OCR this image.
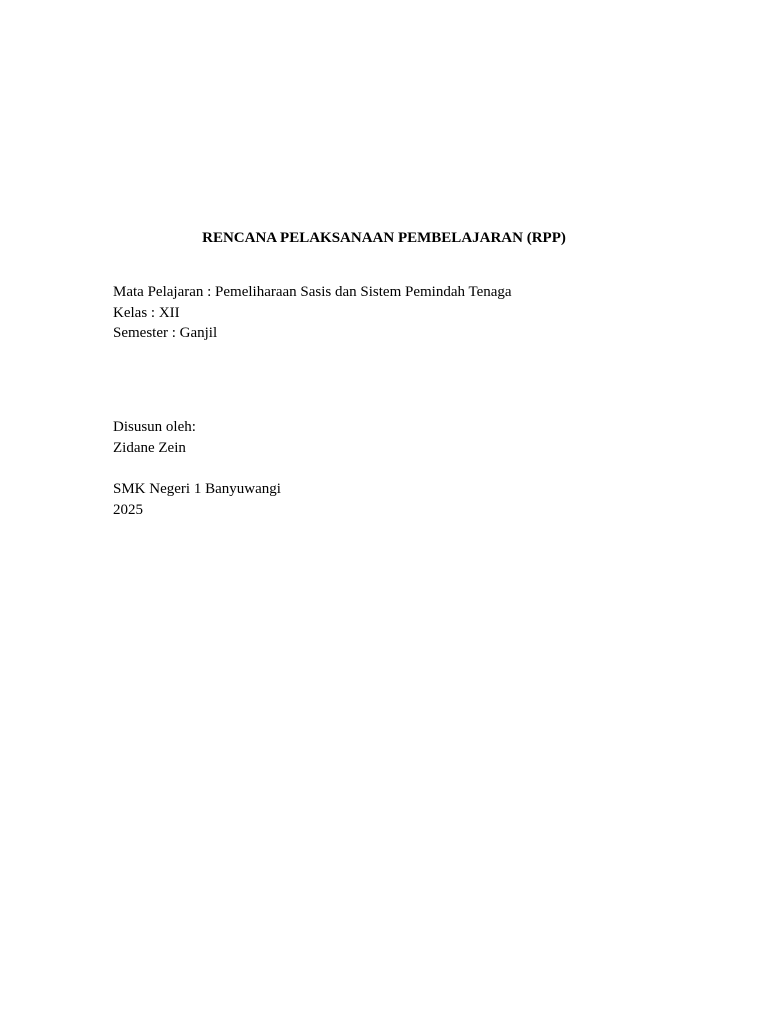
RENCANA PELAKSANAAN PEMBELAJARAN (RPP)
Mata Pelajaran : Pemeliharaan Sasis dan Sistem Pemindah Tenaga
Kelas : XII
Semester : Ganjil
Disusun oleh:
Zidane Zein
SMK Negeri 1 Banyuwangi
2025
